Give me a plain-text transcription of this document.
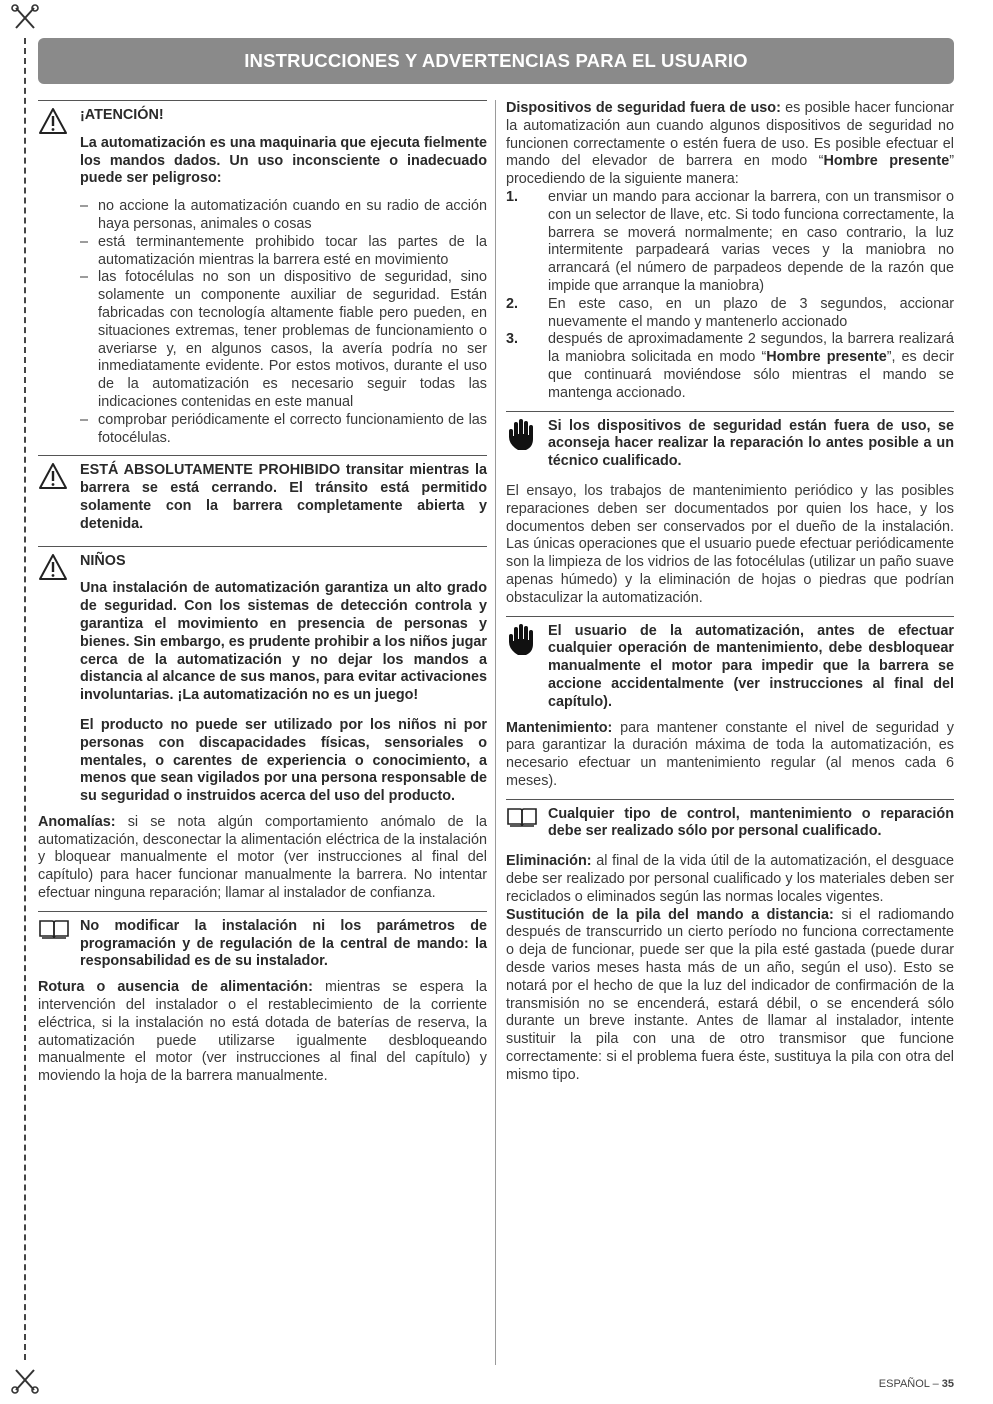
INSTRUCCIONES Y ADVERTENCIAS PARA EL USUARIO
¡ATENCIÓN!

La automatización es una maquinaria que ejecuta fielmente los mandos dados. Un uso inconsciente o inadecuado puede ser peligroso:

– no accione la automatización cuando en su radio de acción haya personas, animales o cosas
– está terminantemente prohibido tocar las partes de la automatización mientras la barrera esté en movimiento
– las fotocélulas no son un dispositivo de seguridad, sino solamente un componente auxiliar de seguridad. Están fabricadas con tecnología altamente fiable pero pueden, en situaciones extremas, tener problemas de funcionamiento o averiarse y, en algunos casos, la avería podría no ser inmediatamente evidente. Por estos motivos, durante el uso de la automatización es necesario seguir todas las indicaciones contenidas en este manual
– comprobar periódicamente el correcto funcionamiento de las fotocélulas.

ESTÁ ABSOLUTAMENTE PROHIBIDO transitar mientras la barrera se está cerrando. El tránsito está permitido solamente con la barrera completamente abierta y detenida.

NIÑOS

Una instalación de automatización garantiza un alto grado de seguridad. Con los sistemas de detección controla y garantiza el movimiento en presencia de personas y bienes. Sin embargo, es prudente prohibir a los niños jugar cerca de la automatización y no dejar los mandos a distancia al alcance de sus manos, para evitar activaciones involuntarias. ¡La automatización no es un juego!

El producto no puede ser utilizado por los niños ni por personas con discapacidades físicas, sensoriales o mentales, o carentes de experiencia o conocimiento, a menos que sean vigilados por una persona responsable de su seguridad o instruidos acerca del uso del producto.

Anomalías: si se nota algún comportamiento anómalo de la automatización, desconectar la alimentación eléctrica de la instalación y bloquear manualmente el motor (ver instrucciones al final del capítulo) para hacer funcionar manualmente la barrera. No intentar efectuar ninguna reparación; llamar al instalador de confianza.

No modificar la instalación ni los parámetros de programación y de regulación de la central de mando: la responsabilidad es de su instalador.

Rotura o ausencia de alimentación: mientras se espera la intervención del instalador o el restablecimiento de la corriente eléctrica, si la instalación no está dotada de baterías de reserva, la automatización puede utilizarse igualmente desbloqueando manualmente el motor (ver instrucciones al final del capítulo) y moviendo la hoja de la barrera manualmente.

Dispositivos de seguridad fuera de uso: es posible hacer funcionar la automatización aun cuando algunos dispositivos de seguridad no funcionen correctamente o estén fuera de uso. Es posible efectuar el mando del elevador de barrera en modo “Hombre presente” procediendo de la siguiente manera:

1.	enviar un mando para accionar la barrera, con un transmisor o con un selector de llave, etc. Si todo funciona correctamente, la barrera se moverá normalmente; en caso contrario, la luz intermitente parpadeará varias veces y la maniobra no arrancará (el número de parpadeos depende de la razón que impide que arranque la maniobra)
2.	En este caso, en un plazo de 3 segundos, accionar nuevamente el mando y mantenerlo accionado
3.	después de aproximadamente 2 segundos, la barrera realizará la maniobra solicitada en modo “Hombre presente”, es decir que continuará moviéndose sólo mientras el mando se mantenga accionado.

Si los dispositivos de seguridad están fuera de uso, se aconseja hacer realizar la reparación lo antes posible a un técnico cualificado.

El ensayo, los trabajos de mantenimiento periódico y las posibles reparaciones deben ser documentados por quien los hace, y los documentos deben ser conservados por el dueño de la instalación. Las únicas operaciones que el usuario puede efectuar periódicamente son la limpieza de los vidrios de las fotocélulas (utilizar un paño suave apenas húmedo) y la eliminación de hojas o piedras que podrían obstaculizar la automatización.

El usuario de la automatización, antes de efectuar cualquier operación de mantenimiento, debe desbloquear manualmente el motor para impedir que la barrera se accione accidentalmente (ver instrucciones al final del capítulo).

Mantenimiento: para mantener constante el nivel de seguridad y para garantizar la duración máxima de toda la automatización, es necesario efectuar un mantenimiento regular (al menos cada 6 meses).

Cualquier tipo de control, mantenimiento o reparación debe ser realizado sólo por personal cualificado.

Eliminación: al final de la vida útil de la automatización, el desguace debe ser realizado por personal cualificado y los materiales deben ser reciclados o eliminados según las normas locales vigentes.

Sustitución de la pila del mando a distancia: si el radiomando después de transcurrido un cierto período no funciona correctamente o deja de funcionar, puede ser que la pila esté gastada (puede durar desde varios meses hasta más de un año, según el uso). Esto se notará por el hecho de que la luz del indicador de confirmación de la transmisión no se encenderá, estará débil, o se encenderá sólo durante un breve instante. Antes de llamar al instalador, intente sustituir la pila con una de otro transmisor que funcione correctamente: si el problema fuera éste, sustituya la pila con otra del mismo tipo.

ESPAÑOL – 35
